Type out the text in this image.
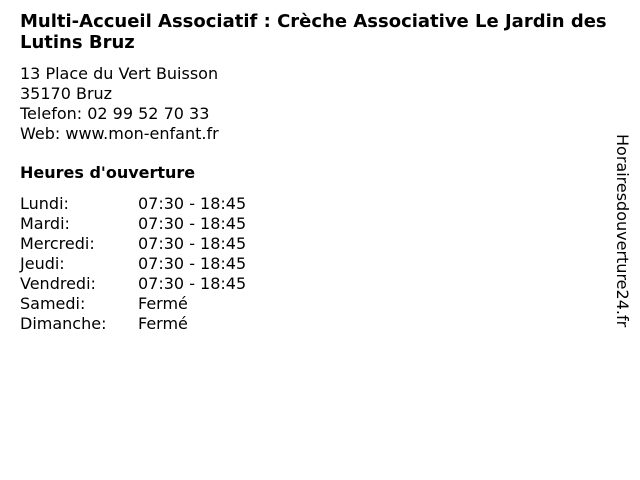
Multi-Accueil Associatif : Crèche Associative Le Jardin des Lutins Bruz
13 Place du Vert Buisson
35170 Bruz
Telefon: 02 99 52 70 33
Web: www.mon-enfant.fr
Heures d'ouverture
Lundi:	07:30 - 18:45
Mardi:	07:30 - 18:45
Mercredi:	07:30 - 18:45
Jeudi:	07:30 - 18:45
Vendredi:	07:30 - 18:45
Samedi:	Fermé
Dimanche:	Fermé	Horairesdouverture24.fr
